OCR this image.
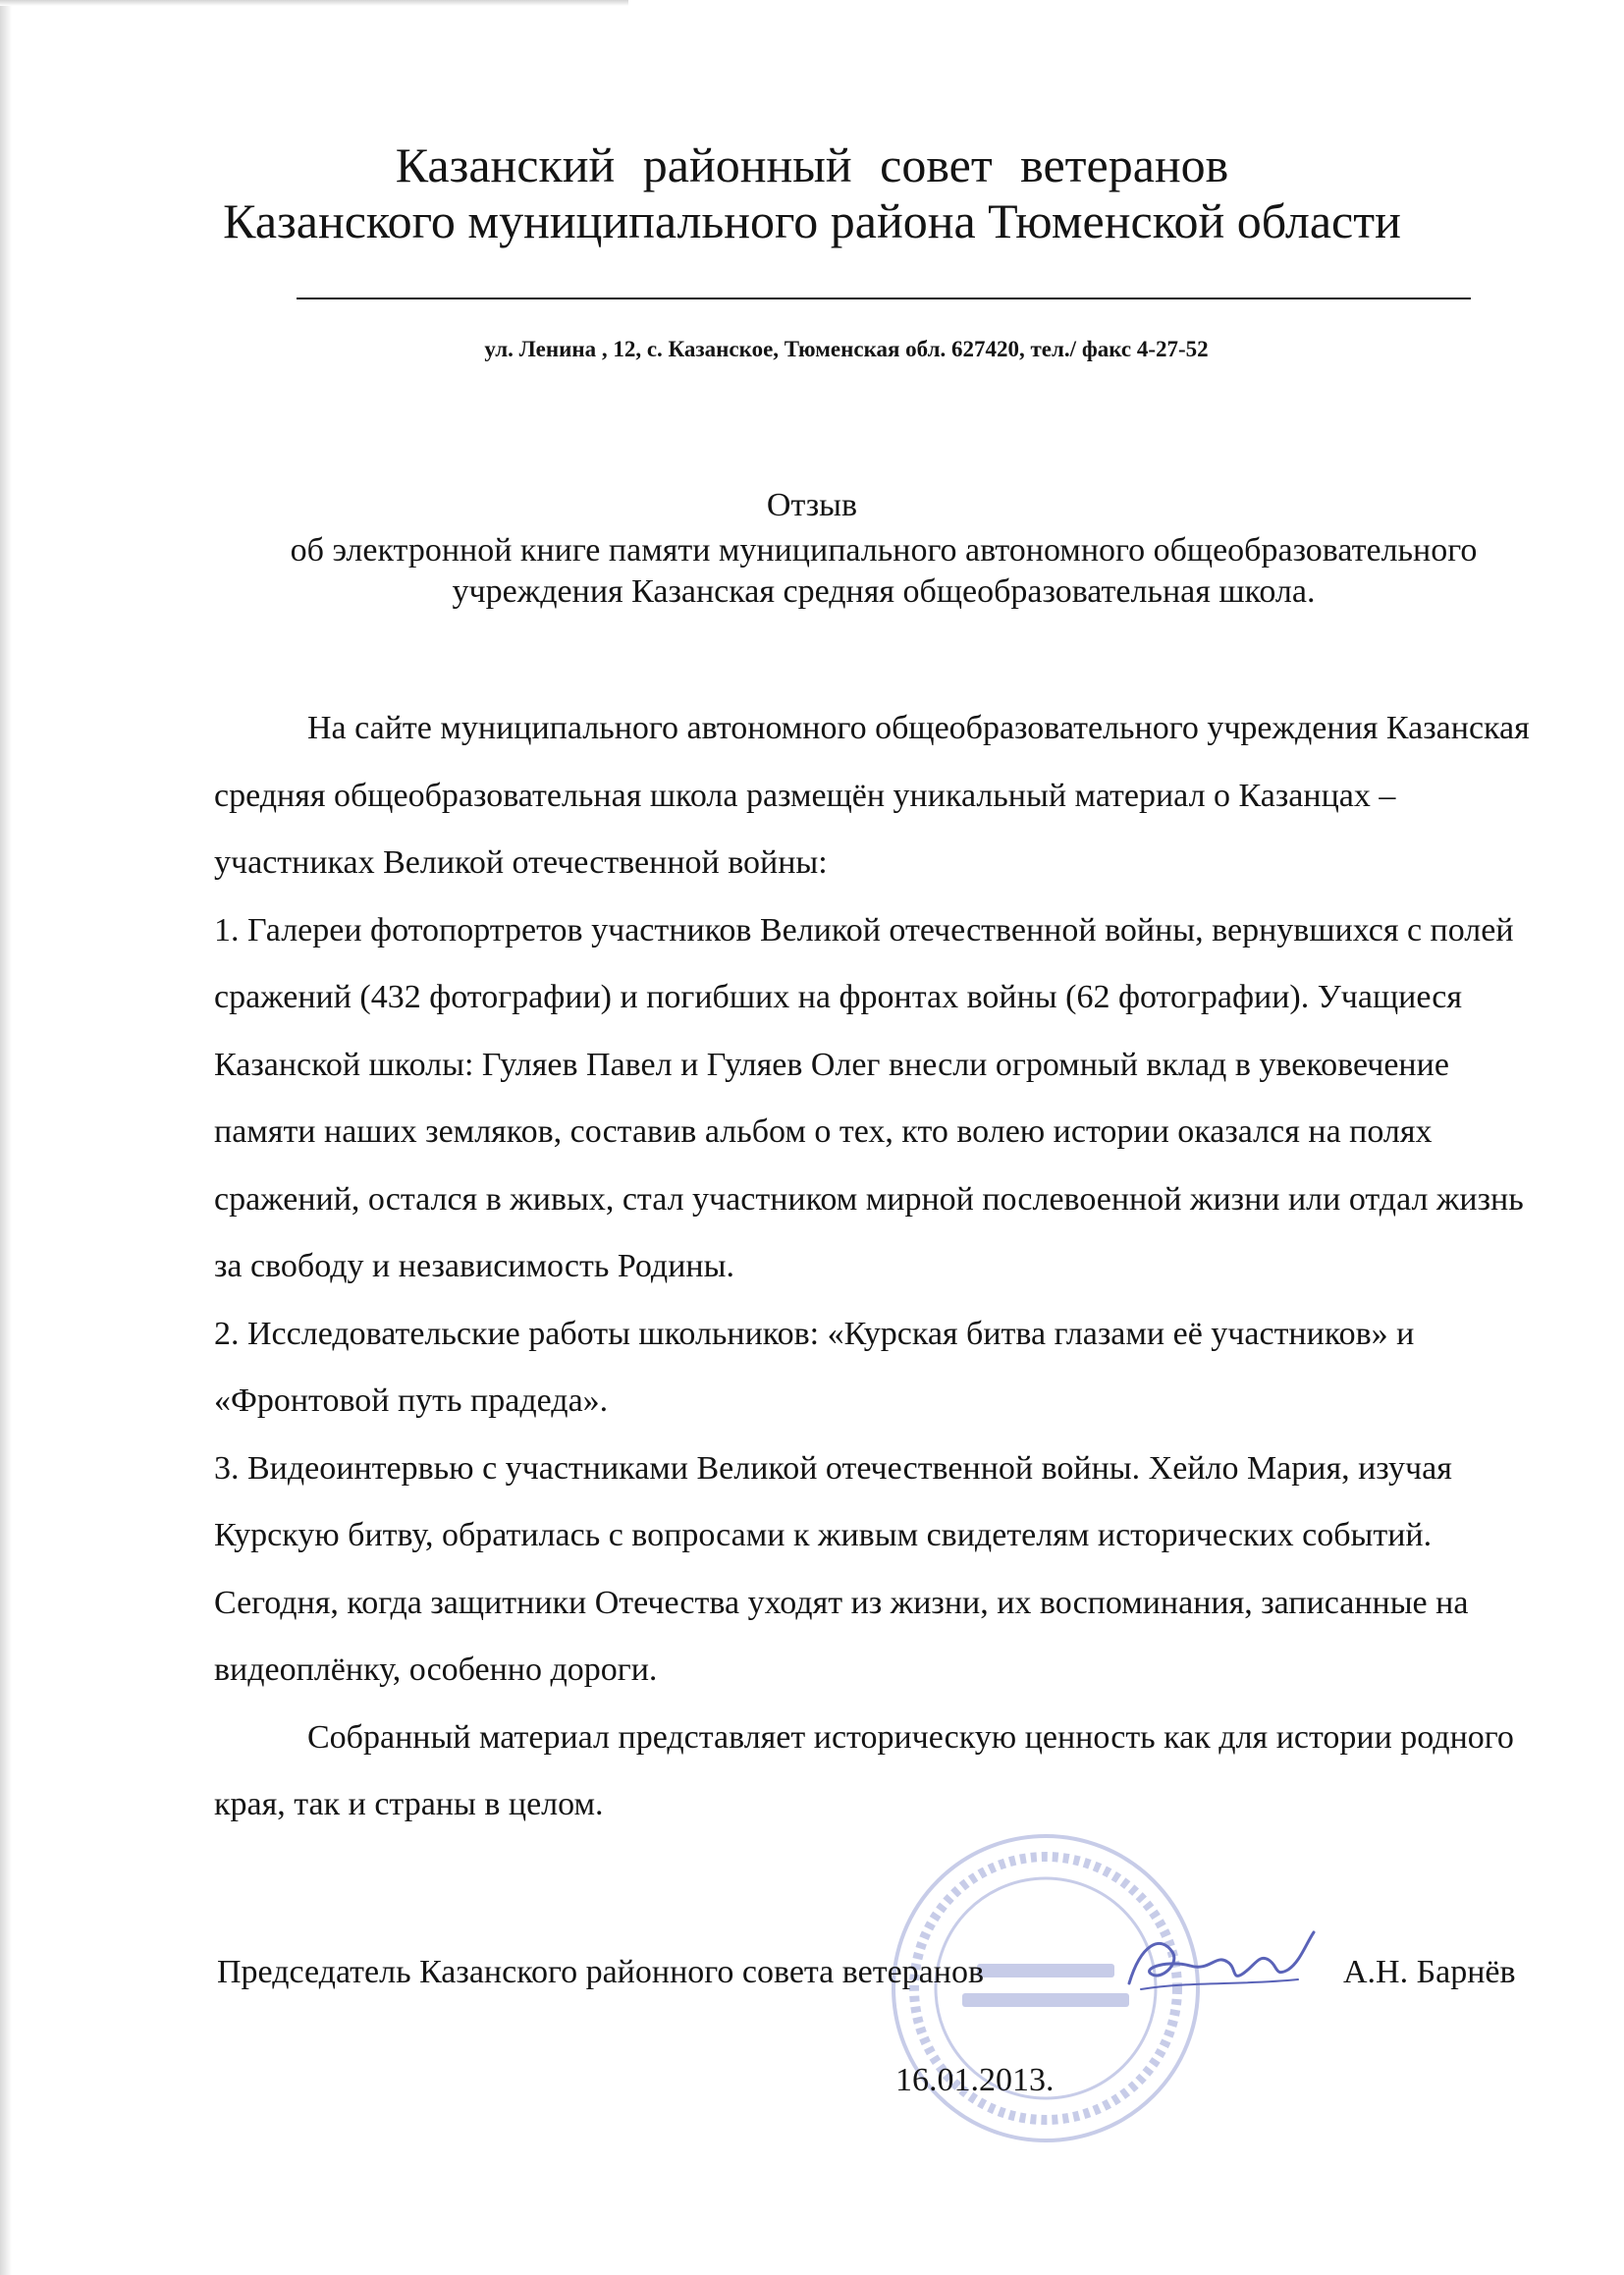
Казанский районный совет ветеранов
Казанского муниципального района Тюменской области
ул. Ленина , 12, с. Казанское, Тюменская обл. 627420, тел./ факс 4-27-52
Отзыв

об электронной книге памяти муниципального автономного общеобразовательного учреждения Казанская средняя общеобразовательная школа.

На сайте муниципального автономного общеобразовательного учреждения Казанская средняя общеобразовательная школа размещён уникальный материал о Казанцах – участниках Великой отечественной войны:

1. Галереи фотопортретов участников Великой отечественной войны, вернувшихся с полей сражений (432 фотографии) и погибших на фронтах войны (62 фотографии). Учащиеся Казанской школы: Гуляев Павел и Гуляев Олег внесли огромный вклад в увековечение памяти наших земляков, составив альбом о тех, кто волею истории оказался на полях сражений, остался в живых, стал участником мирной послевоенной жизни или отдал жизнь за свободу и независимость Родины.

2. Исследовательские работы школьников: «Курская битва глазами её участников» и «Фронтовой путь прадеда».

3. Видеоинтервью с участниками Великой отечественной войны. Хейло Мария, изучая Курскую битву, обратилась с вопросами к живым свидетелям исторических событий. Сегодня, когда защитники Отечества уходят из жизни, их воспоминания, записанные на видеоплёнку, особенно дороги.

Собранный материал представляет историческую ценность как для истории родного края, так и страны в целом.

Председатель Казанского районного совета ветеранов	А.Н. Барнёв
16.01.2013.
